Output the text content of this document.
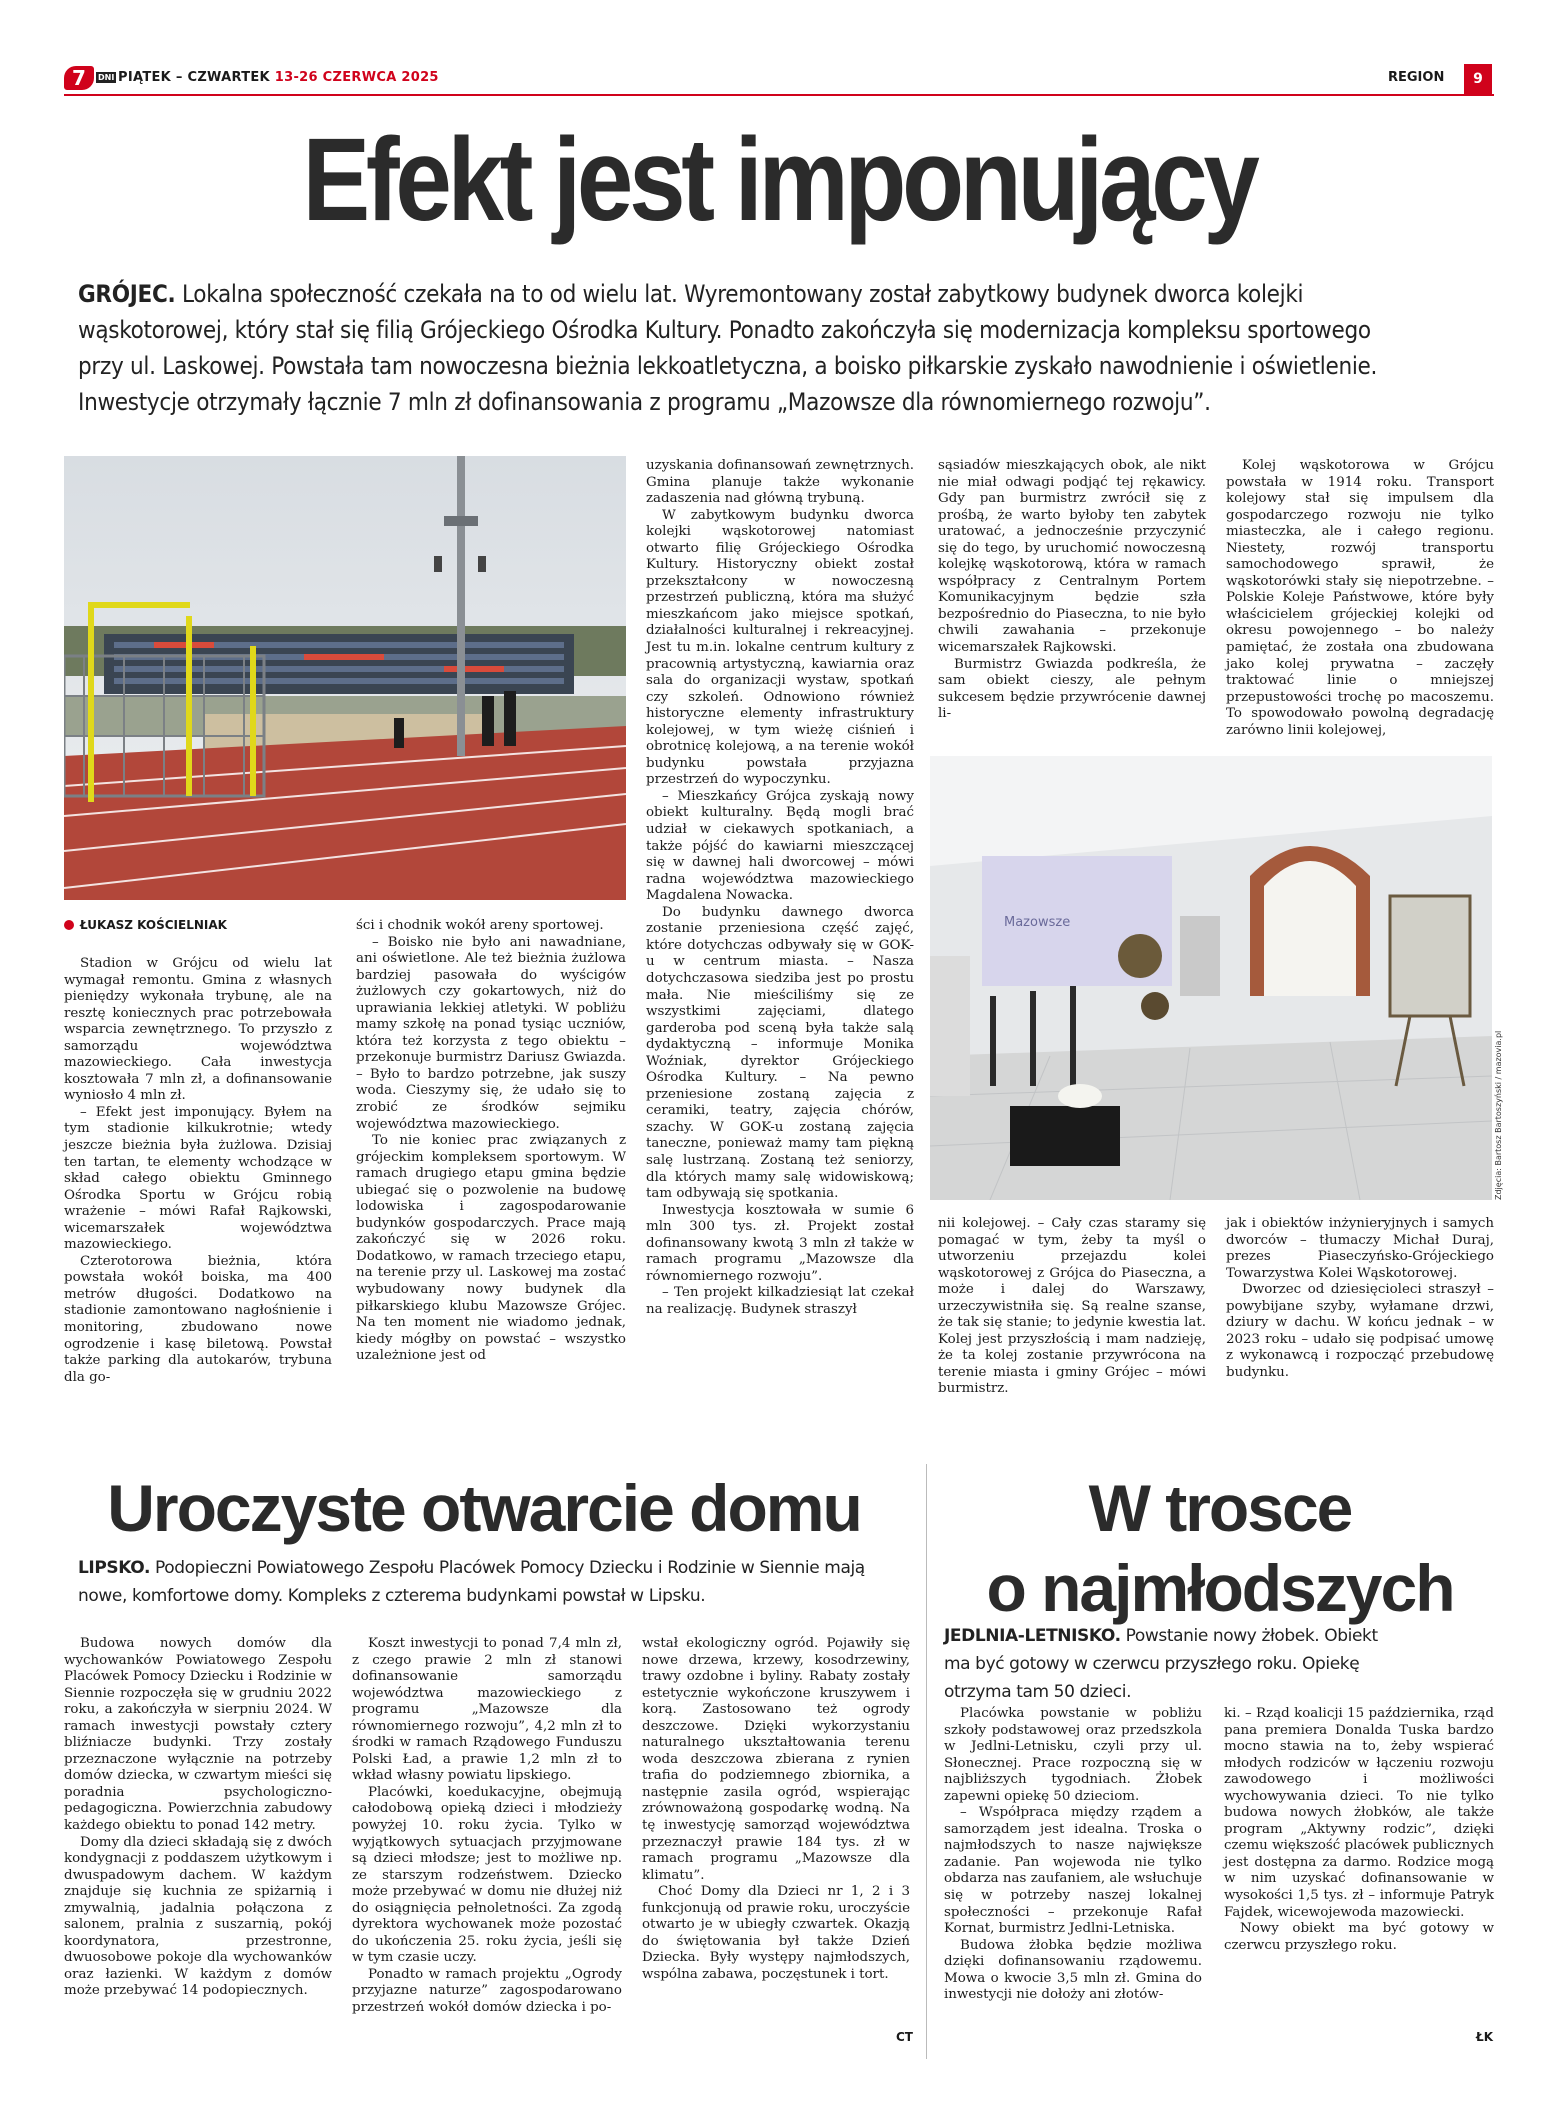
7	DNI PIĄTEK – CZWARTEK 13-26 CZERWCA 2025	REGION	9
Efekt jest imponujący
GRÓJEC. Lokalna społeczność czekała na to od wielu lat. Wyremontowany został zabytkowy budynek dworca kolejki wąskotorowej, który stał się filią Grójeckiego Ośrodka Kultury. Ponadto zakończyła się modernizacja kompleksu sportowego przy ul. Laskowej. Powstała tam nowoczesna bieżnia lekkoatletyczna, a boisko piłkarskie zyskało nawodnienie i oświetlenie. Inwestycje otrzymały łącznie 7 mln zł dofinansowania z programu „Mazowsze dla równomiernego rozwoju”.
ŁUKASZ KOŚCIELNIAK

Stadion w Grójcu od wielu lat wymagał remontu. Gmina z własnych pieniędzy wykonała trybunę, ale na resztę koniecznych prac potrzebowała wsparcia zewnętrznego. To przyszło z samorządu województwa mazowieckiego. Cała inwestycja kosztowała 7 mln zł, a dofinansowanie wyniosło 4 mln zł.

– Efekt jest imponujący. Byłem na tym stadionie kilkukrotnie; wtedy jeszcze bieżnia była żużlowa. Dzisiaj ten tartan, te elementy wchodzące w skład całego obiektu Gminnego Ośrodka Sportu w Grójcu robią wrażenie – mówi Rafał Rajkowski, wicemarszałek województwa mazowieckiego.

Czterotorowa bieżnia, która powstała wokół boiska, ma 400 metrów długości. Dodatkowo na stadionie zamontowano nagłośnienie i monitoring, zbudowano nowe ogrodzenie i kasę biletową. Powstał także parking dla autokarów, trybuna dla go-

ści i chodnik wokół areny sportowej.

– Boisko nie było ani nawadniane, ani oświetlone. Ale też bieżnia żużlowa bardziej pasowała do wyścigów żużlowych czy gokartowych, niż do uprawiania lekkiej atletyki. W pobliżu mamy szkołę na ponad tysiąc uczniów, która też korzysta z tego obiektu – przekonuje burmistrz Dariusz Gwiazda. – Było to bardzo potrzebne, jak suszy woda. Cieszymy się, że udało się to zrobić ze środków sejmiku województwa mazowieckiego.

To nie koniec prac związanych z grójeckim kompleksem sportowym. W ramach drugiego etapu gmina będzie ubiegać się o pozwolenie na budowę lodowiska i zagospodarowanie budynków gospodarczych. Prace mają zakończyć się w 2026 roku. Dodatkowo, w ramach trzeciego etapu, na terenie przy ul. Laskowej ma zostać wybudowany nowy budynek dla piłkarskiego klubu Mazowsze Grójec. Na ten moment nie wiadomo jednak, kiedy mógłby on powstać – wszystko uzależnione jest od

uzyskania dofinansowań zewnętrznych. Gmina planuje także wykonanie zadaszenia nad główną trybuną.

W zabytkowym budynku dworca kolejki wąskotorowej natomiast otwarto filię Grójeckiego Ośrodka Kultury. Historyczny obiekt został przekształcony w nowoczesną przestrzeń publiczną, która ma służyć mieszkańcom jako miejsce spotkań, działalności kulturalnej i rekreacyjnej. Jest tu m.in. lokalne centrum kultury z pracownią artystyczną, kawiarnia oraz sala do organizacji wystaw, spotkań czy szkoleń. Odnowiono również historyczne elementy infrastruktury kolejowej, w tym wieżę ciśnień i obrotnicę kolejową, a na terenie wokół budynku powstała przyjazna przestrzeń do wypoczynku.

– Mieszkańcy Grójca zyskają nowy obiekt kulturalny. Będą mogli brać udział w ciekawych spotkaniach, a także pójść do kawiarni mieszczącej się w dawnej hali dworcowej – mówi radna województwa mazowieckiego Magdalena Nowacka.

Do budynku dawnego dworca zostanie przeniesiona część zajęć, które dotychczas odbywały się w GOK-u w centrum miasta. – Nasza dotychczasowa siedziba jest po prostu mała. Nie mieściliśmy się ze wszystkimi zajęciami, dlatego garderoba pod sceną była także salą dydaktyczną – informuje Monika Woźniak, dyrektor Grójeckiego Ośrodka Kultury. – Na pewno przeniesione zostaną zajęcia z ceramiki, teatry, zajęcia chórów, szachy. W GOK-u zostaną zajęcia taneczne, ponieważ mamy tam piękną salę lustrzaną. Zostaną też seniorzy, dla których mamy salę widowiskową; tam odbywają się spotkania.

Inwestycja kosztowała w sumie 6 mln 300 tys. zł. Projekt został dofinansowany kwotą 3 mln zł także w ramach programu „Mazowsze dla równomiernego rozwoju”.

– Ten projekt kilkadziesiąt lat czekał na realizację. Budynek straszył

sąsiadów mieszkających obok, ale nikt nie miał odwagi podjąć tej rękawicy. Gdy pan burmistrz zwrócił się z prośbą, że warto byłoby ten zabytek uratować, a jednocześnie przyczynić się do tego, by uruchomić nowoczesną kolejkę wąskotorową, która w ramach współpracy z Centralnym Portem Komunikacyjnym będzie szła bezpośrednio do Piaseczna, to nie było chwili zawahania – przekonuje wicemarszałek Rajkowski.

Burmistrz Gwiazda podkreśla, że sam obiekt cieszy, ale pełnym sukcesem będzie przywrócenie dawnej li-

Kolej wąskotorowa w Grójcu powstała w 1914 roku. Transport kolejowy stał się impulsem dla gospodarczego rozwoju nie tylko miasteczka, ale i całego regionu. Niestety, rozwój transportu samochodowego sprawił, że wąskotorówki stały się niepotrzebne. – Polskie Koleje Państwowe, które były właścicielem grójeckiej kolejki od okresu powojennego – bo należy pamiętać, że została ona zbudowana jako kolej prywatna – zaczęły traktować linie o mniejszej przepustowości trochę po macoszemu. To spowodowało powolną degradację zarówno linii kolejowej,

Mazowsze
Zdjęcia: Bartosz Bartoszyński / mazovia.pl

nii kolejowej. – Cały czas staramy się pomagać w tym, żeby ta myśl o utworzeniu przejazdu kolei wąskotorowej z Grójca do Piaseczna, a może i dalej do Warszawy, urzeczywistniła się. Są realne szanse, że tak się stanie; to jedynie kwestia lat. Kolej jest przyszłością i mam nadzieję, że ta kolej zostanie przywrócona na terenie miasta i gminy Grójec – mówi burmistrz.

jak i obiektów inżynieryjnych i samych dworców – tłumaczy Michał Duraj, prezes Piaseczyńsko-Grójeckiego Towarzystwa Kolei Wąskotorowej.

Dworzec od dziesięcioleci straszył – powybijane szyby, wyłamane drzwi, dziury w dachu. W końcu jednak – w 2023 roku – udało się podpisać umowę z wykonawcą i rozpocząć przebudowę budynku.

Uroczyste otwarcie domu
LIPSKO. Podopieczni Powiatowego Zespołu Placówek Pomocy Dziecku i Rodzinie w Siennie mają nowe, komfortowe domy. Kompleks z czterema budynkami powstał w Lipsku.

Budowa nowych domów dla wychowanków Powiatowego Zespołu Placówek Pomocy Dziecku i Rodzinie w Siennie rozpoczęła się w grudniu 2022 roku, a zakończyła w sierpniu 2024. W ramach inwestycji powstały cztery bliźniacze budynki. Trzy zostały przeznaczone wyłącznie na potrzeby domów dziecka, w czwartym mieści się poradnia psychologiczno-pedagogiczna. Powierzchnia zabudowy każdego obiektu to ponad 142 metry.

Domy dla dzieci składają się z dwóch kondygnacji z poddaszem użytkowym i dwuspadowym dachem. W każdym znajduje się kuchnia ze spiżarnią i zmywalnią, jadalnia połączona z salonem, pralnia z suszarnią, pokój koordynatora, przestronne, dwuosobowe pokoje dla wychowanków oraz łazienki. W każdym z domów może przebywać 14 podopiecznych.

Koszt inwestycji to ponad 7,4 mln zł, z czego prawie 2 mln zł stanowi dofinansowanie samorządu województwa mazowieckiego z programu „Mazowsze dla równomiernego rozwoju”, 4,2 mln zł to środki w ramach Rządowego Funduszu Polski Ład, a prawie 1,2 mln zł to wkład własny powiatu lipskiego.

Placówki, koedukacyjne, obejmują całodobową opieką dzieci i młodzieży powyżej 10. roku życia. Tylko w wyjątkowych sytuacjach przyjmowane są dzieci młodsze; jest to możliwe np. ze starszym rodzeństwem. Dziecko może przebywać w domu nie dłużej niż do osiągnięcia pełnoletności. Za zgodą dyrektora wychowanek może pozostać do ukończenia 25. roku życia, jeśli się w tym czasie uczy.

Ponadto w ramach projektu „Ogrody przyjazne naturze” zagospodarowano przestrzeń wokół domów dziecka i po-

wstał ekologiczny ogród. Pojawiły się nowe drzewa, krzewy, kosodrzewiny, trawy ozdobne i byliny. Rabaty zostały estetycznie wykończone kruszywem i korą. Zastosowano też ogrody deszczowe. Dzięki wykorzystaniu naturalnego ukształtowania terenu woda deszczowa zbierana z rynien trafia do podziemnego zbiornika, a następnie zasila ogród, wspierając zrównoważoną gospodarkę wodną. Na tę inwestycję samorząd województwa przeznaczył prawie 184 tys. zł w ramach programu „Mazowsze dla klimatu”.

Choć Domy dla Dzieci nr 1, 2 i 3 funkcjonują od prawie roku, uroczyście otwarto je w ubiegły czwartek. Okazją do świętowania był także Dzień Dziecka. Były występy najmłodszych, wspólna zabawa, poczęstunek i tort.

CT
W trosce
o najmłodszych
JEDLNIA-LETNISKO. Powstanie nowy żłobek. Obiekt ma być gotowy w czerwcu przyszłego roku. Opiekę otrzyma tam 50 dzieci.

Placówka powstanie w pobliżu szkoły podstawowej oraz przedszkola w Jedlni-Letnisku, czyli przy ul. Słonecznej. Prace rozpoczną się w najbliższych tygodniach. Żłobek zapewni opiekę 50 dzieciom.

– Współpraca między rządem a samorządem jest idealna. Troska o najmłodszych to nasze największe zadanie. Pan wojewoda nie tylko obdarza nas zaufaniem, ale wsłuchuje się w potrzeby naszej lokalnej społeczności – przekonuje Rafał Kornat, burmistrz Jedlni-Letniska.

Budowa żłobka będzie możliwa dzięki dofinansowaniu rządowemu. Mowa o kwocie 3,5 mln zł. Gmina do inwestycji nie dołoży ani złotów-

ki. – Rząd koalicji 15 października, rząd pana premiera Donalda Tuska bardzo mocno stawia na to, żeby wspierać młodych rodziców w łączeniu rozwoju zawodowego i możliwości wychowywania dzieci. To nie tylko budowa nowych żłobków, ale także program „Aktywny rodzic”, dzięki czemu większość placówek publicznych jest dostępna za darmo. Rodzice mogą w nim uzyskać dofinansowanie w wysokości 1,5 tys. zł – informuje Patryk Fajdek, wicewojewoda mazowiecki.

Nowy obiekt ma być gotowy w czerwcu przyszłego roku.

ŁK
